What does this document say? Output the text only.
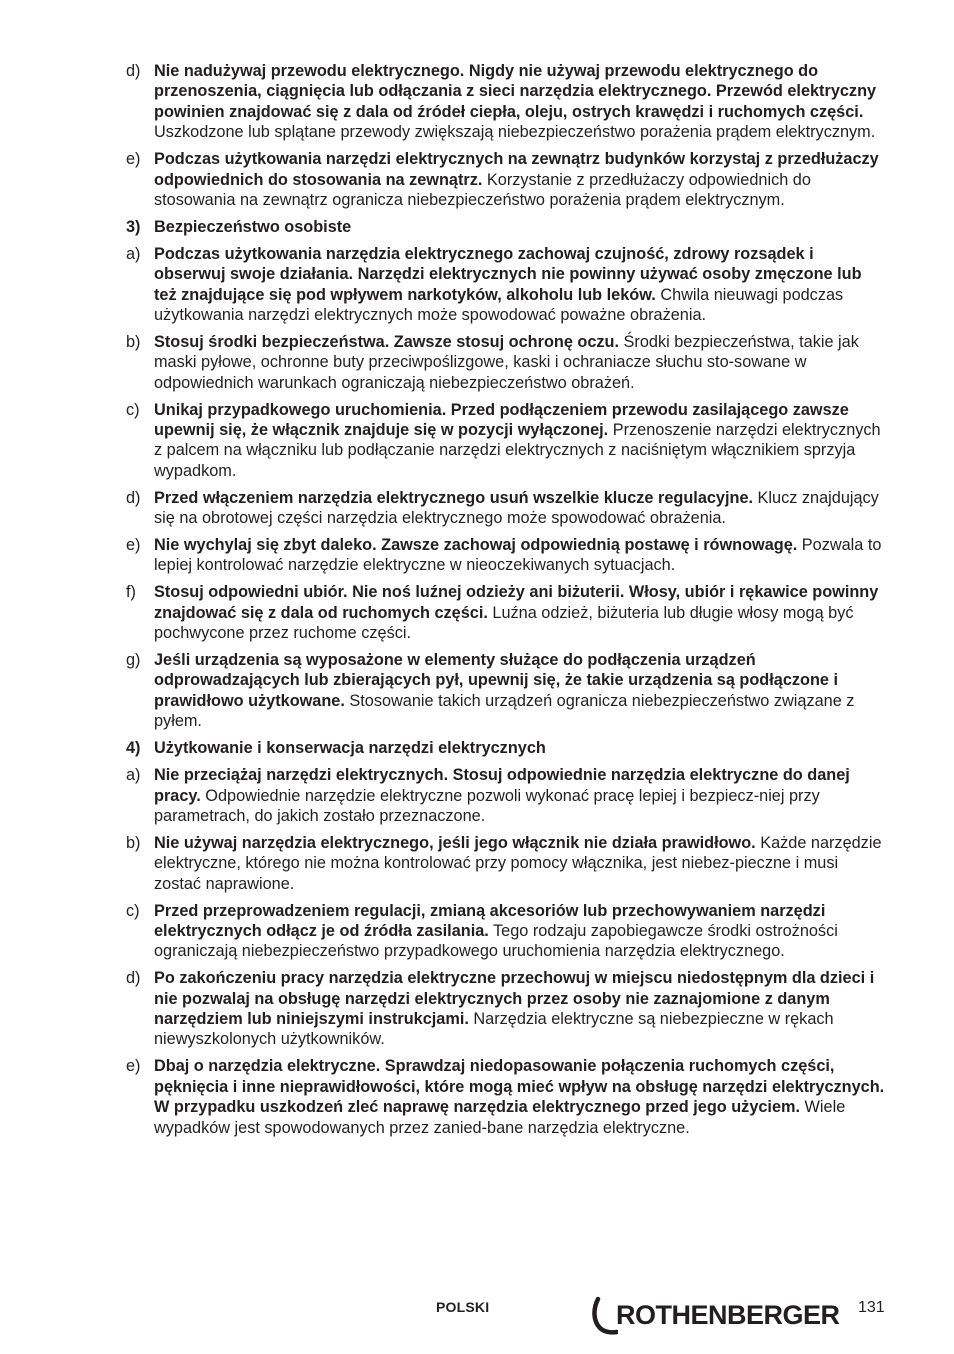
d) Nie nadużywaj przewodu elektrycznego. Nigdy nie używaj przewodu elektrycznego do przenoszenia, ciągnięcia lub odłączania z sieci narzędzia elektrycznego. Przewód elektryczny powinien znajdować się z dala od źródeł ciepła, oleju, ostrych krawędzi i ruchomych części. Uszkodzone lub splątane przewody zwiększają niebezpieczeństwo porażenia prądem elektrycznym.
e) Podczas użytkowania narzędzi elektrycznych na zewnątrz budynków korzystaj z przedłużaczy odpowiednich do stosowania na zewnątrz. Korzystanie z przedłużaczy odpowiednich do stosowania na zewnątrz ogranicza niebezpieczeństwo porażenia prądem elektrycznym.
3) Bezpieczeństwo osobiste
a) Podczas użytkowania narzędzia elektrycznego zachowaj czujność, zdrowy rozsądek i obserwuj swoje działania. Narzędzi elektrycznych nie powinny używać osoby zmęczone lub też znajdujące się pod wpływem narkotyków, alkoholu lub leków. Chwila nieuwagi podczas użytkowania narzędzi elektrycznych może spowodować poważne obrażenia.
b) Stosuj środki bezpieczeństwa. Zawsze stosuj ochronę oczu. Środki bezpieczeństwa, takie jak maski pyłowe, ochronne buty przeciwpoślizgowe, kaski i ochraniacze słuchu sto-sowane w odpowiednich warunkach ograniczają niebezpieczeństwo obrażeń.
c) Unikaj przypadkowego uruchomienia. Przed podłączeniem przewodu zasilającego zawsze upewnij się, że włącznik znajduje się w pozycji wyłączonej. Przenoszenie narzędzi elektrycznych z palcem na włączniku lub podłączanie narzędzi elektrycznych z naciśniętym włącznikiem sprzyja wypadkom.
d) Przed włączeniem narzędzia elektrycznego usuń wszelkie klucze regulacyjne. Klucz znajdujący się na obrotowej części narzędzia elektrycznego może spowodować obrażenia.
e) Nie wychylaj się zbyt daleko. Zawsze zachowaj odpowiednią postawę i równowagę. Pozwala to lepiej kontrolować narzędzie elektryczne w nieoczekiwanych sytuacjach.
f)	Stosuj odpowiedni ubiór. Nie noś luźnej odzieży ani biżuterii. Włosy, ubiór i rękawice powinny znajdować się z dala od ruchomych części. Luźna odzież, biżuteria lub długie włosy mogą być pochwycone przez ruchome części.
g) Jeśli urządzenia są wyposażone w elementy służące do podłączenia urządzeń odprowadzających lub zbierających pył, upewnij się, że takie urządzenia są podłączone i prawidłowo użytkowane. Stosowanie takich urządzeń ogranicza niebezpieczeństwo związane z pyłem.
4) Użytkowanie i konserwacja narzędzi elektrycznych
a) Nie przeciążaj narzędzi elektrycznych. Stosuj odpowiednie narzędzia elektryczne do danej pracy. Odpowiednie narzędzie elektryczne pozwoli wykonać pracę lepiej i bezpiecz-niej przy parametrach, do jakich zostało przeznaczone.
b) Nie używaj narzędzia elektrycznego, jeśli jego włącznik nie działa prawidłowo. Każde narzędzie elektryczne, którego nie można kontrolować przy pomocy włącznika, jest niebez-pieczne i musi zostać naprawione.
c) Przed przeprowadzeniem regulacji, zmianą akcesoriów lub przechowywaniem narzędzi elektrycznych odłącz je od źródła zasilania. Tego rodzaju zapobiegawcze środki ostrożności ograniczają niebezpieczeństwo przypadkowego uruchomienia narzędzia elektrycznego.
d) Po zakończeniu pracy narzędzia elektryczne przechowuj w miejscu niedostępnym dla dzieci i nie pozwalaj na obsługę narzędzi elektrycznych przez osoby nie zaznajomione z danym narzędziem lub niniejszymi instrukcjami. Narzędzia elektryczne są niebezpieczne w rękach niewyszkolonych użytkowników.
e) Dbaj o narzędzia elektryczne. Sprawdzaj niedopasowanie połączenia ruchomych części, pęknięcia i inne nieprawidłowości, które mogą mieć wpływ na obsługę narzędzi elektrycznych. W przypadku uszkodzeń zleć naprawę narzędzia elektrycznego przed jego użyciem. Wiele wypadków jest spowodowanych przez zanied-bane narzędzia elektryczne.
POLSKI	ROTHENBERGER 131
